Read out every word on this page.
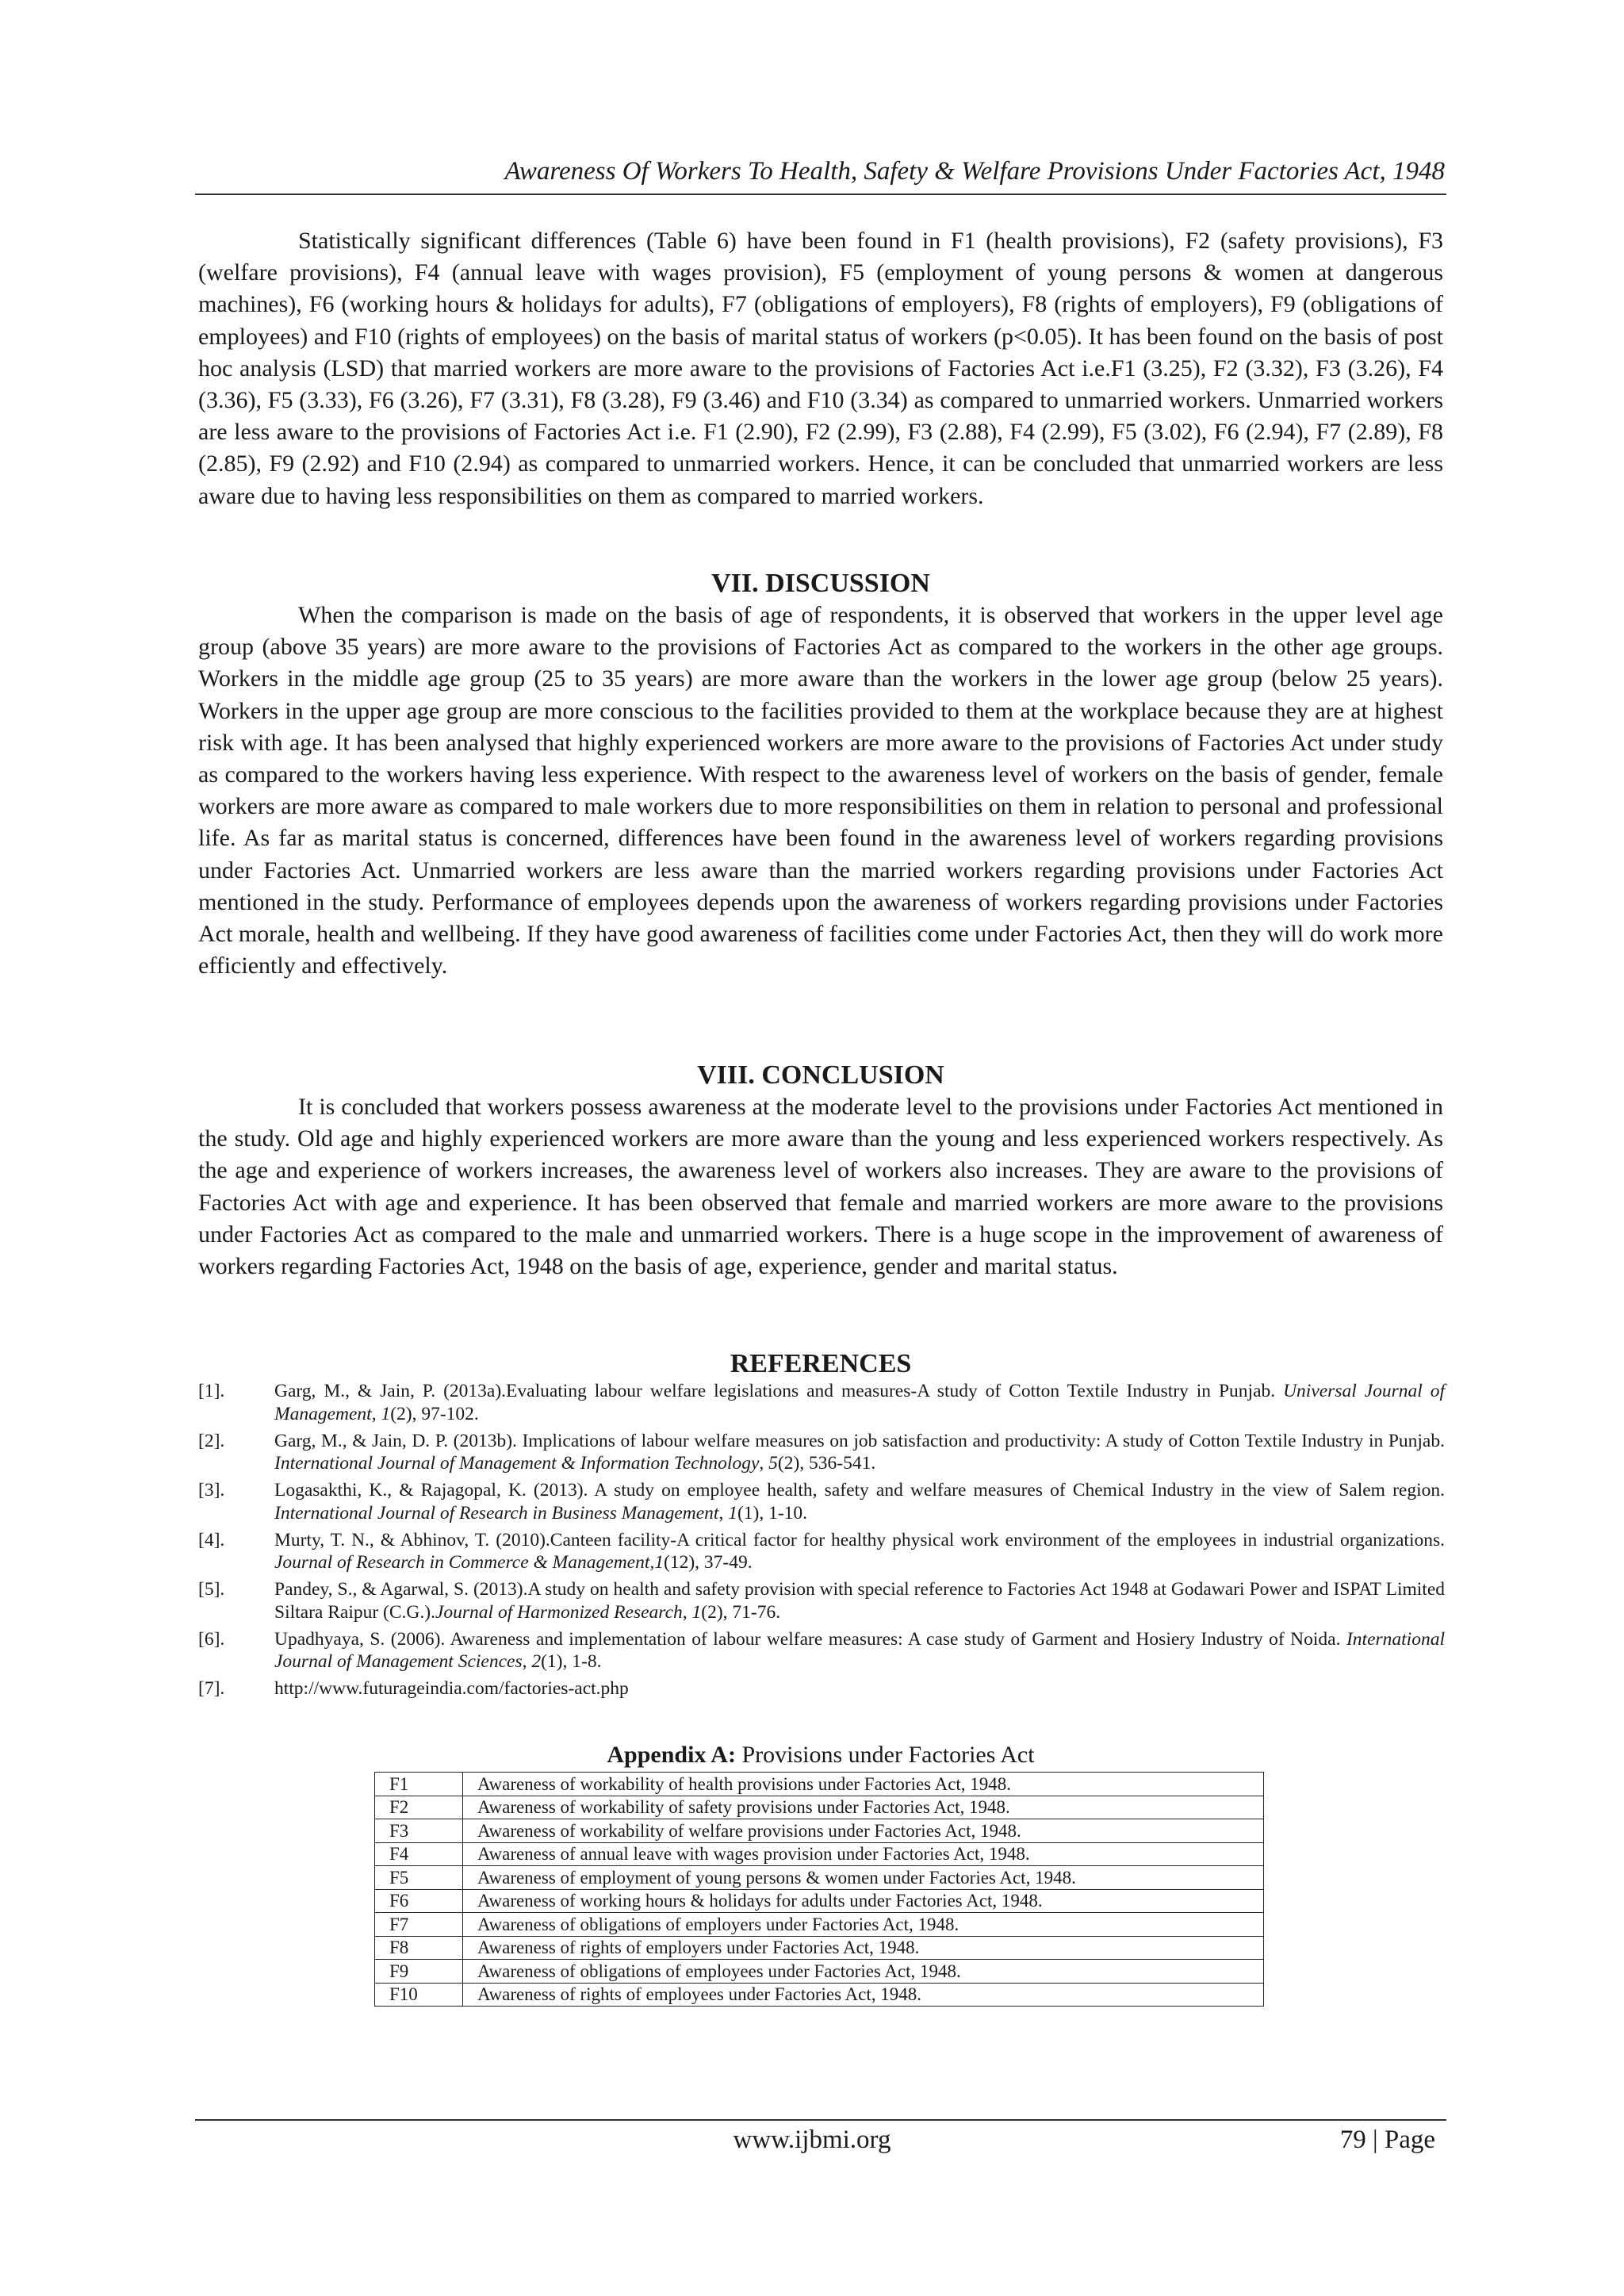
Awareness Of Workers To Health, Safety & Welfare Provisions Under Factories Act, 1948

Statistically significant differences (Table 6) have been found in F1 (health provisions), F2 (safety provisions), F3 (welfare provisions), F4 (annual leave with wages provision), F5 (employment of young persons & women at dangerous machines), F6 (working hours & holidays for adults), F7 (obligations of employers), F8 (rights of employers), F9 (obligations of employees) and F10 (rights of employees) on the basis of marital status of workers (p<0.05). It has been found on the basis of post hoc analysis (LSD) that married workers are more aware to the provisions of Factories Act i.e.F1 (3.25), F2 (3.32), F3 (3.26), F4 (3.36), F5 (3.33), F6 (3.26), F7 (3.31), F8 (3.28), F9 (3.46) and F10 (3.34) as compared to unmarried workers. Unmarried workers are less aware to the provisions of Factories Act i.e. F1 (2.90), F2 (2.99), F3 (2.88), F4 (2.99), F5 (3.02), F6 (2.94), F7 (2.89), F8 (2.85), F9 (2.92) and F10 (2.94) as compared to unmarried workers. Hence, it can be concluded that unmarried workers are less aware due to having less responsibilities on them as compared to married workers.

VII. DISCUSSION

When the comparison is made on the basis of age of respondents, it is observed that workers in the upper level age group (above 35 years) are more aware to the provisions of Factories Act as compared to the workers in the other age groups. Workers in the middle age group (25 to 35 years) are more aware than the workers in the lower age group (below 25 years). Workers in the upper age group are more conscious to the facilities provided to them at the workplace because they are at highest risk with age. It has been analysed that highly experienced workers are more aware to the provisions of Factories Act under study as compared to the workers having less experience. With respect to the awareness level of workers on the basis of gender, female workers are more aware as compared to male workers due to more responsibilities on them in relation to personal and professional life. As far as marital status is concerned, differences have been found in the awareness level of workers regarding provisions under Factories Act. Unmarried workers are less aware than the married workers regarding provisions under Factories Act mentioned in the study. Performance of employees depends upon the awareness of workers regarding provisions under Factories Act morale, health and wellbeing. If they have good awareness of facilities come under Factories Act, then they will do work more efficiently and effectively.

VIII. CONCLUSION

It is concluded that workers possess awareness at the moderate level to the provisions under Factories Act mentioned in the study. Old age and highly experienced workers are more aware than the young and less experienced workers respectively. As the age and experience of workers increases, the awareness level of workers also increases. They are aware to the provisions of Factories Act with age and experience. It has been observed that female and married workers are more aware to the provisions under Factories Act as compared to the male and unmarried workers. There is a huge scope in the improvement of awareness of workers regarding Factories Act, 1948 on the basis of age, experience, gender and marital status.

REFERENCES
[1].	Garg, M., & Jain, P. (2013a).Evaluating labour welfare legislations and measures-A study of Cotton Textile Industry in Punjab. Universal Journal of Management, 1(2), 97-102.
[2].	Garg, M., & Jain, D. P. (2013b). Implications of labour welfare measures on job satisfaction and productivity: A study of Cotton Textile Industry in Punjab. International Journal of Management & Information Technology, 5(2), 536-541.
[3].	Logasakthi, K., & Rajagopal, K. (2013). A study on employee health, safety and welfare measures of Chemical Industry in the view of Salem region. International Journal of Research in Business Management, 1(1), 1-10.
[4].	Murty, T. N., & Abhinov, T. (2010).Canteen facility-A critical factor for healthy physical work environment of the employees in industrial organizations. Journal of Research in Commerce & Management,1(12), 37-49.
[5].	Pandey, S., & Agarwal, S. (2013).A study on health and safety provision with special reference to Factories Act 1948 at Godawari Power and ISPAT Limited Siltara Raipur (C.G.).Journal of Harmonized Research, 1(2), 71-76.
[6].	Upadhyaya, S. (2006). Awareness and implementation of labour welfare measures: A case study of Garment and Hosiery Industry of Noida. International Journal of Management Sciences, 2(1), 1-8.
[7].	http://www.futurageindia.com/factories-act.php

Appendix A: Provisions under Factories Act

F1	Awareness of workability of health provisions under Factories Act, 1948.
F2	Awareness of workability of safety provisions under Factories Act, 1948.
F3	Awareness of workability of welfare provisions under Factories Act, 1948.
F4	Awareness of annual leave with wages provision under Factories Act, 1948.
F5	Awareness of employment of young persons & women under Factories Act, 1948.
F6	Awareness of working hours & holidays for adults under Factories Act, 1948.
F7	Awareness of obligations of employers under Factories Act, 1948.
F8	Awareness of rights of employers under Factories Act, 1948.
F9	Awareness of obligations of employees under Factories Act, 1948.
F10	Awareness of rights of employees under Factories Act, 1948.
www.ijbmi.org	79 | Page
